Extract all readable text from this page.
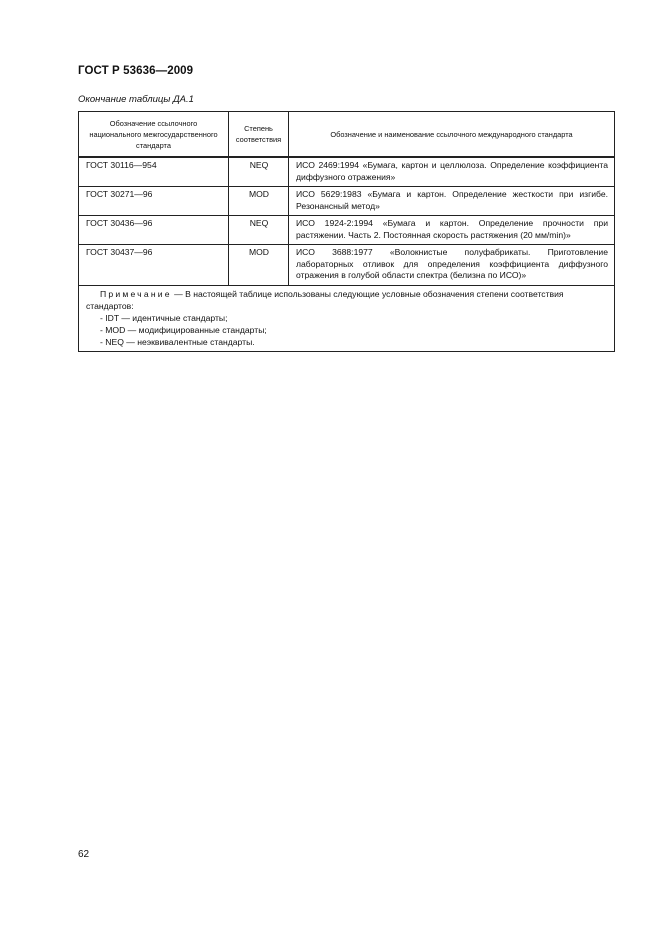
ГОСТ Р 53636—2009
Окончание таблицы ДА.1
Обозначение ссылочного национального межгосударственного стандарта	Степень соответствия	Обозначение и наименование ссылочного международного стандарта
ГОСТ 30116—954	NEQ	ИСО 2469:1994 «Бумага, картон и целлюлоза. Определение коэффициента диффузного отражения»
ГОСТ 30271—96	MOD	ИСО 5629:1983 «Бумага и картон. Определение жесткости при изгибе. Резонансный метод»
ГОСТ 30436—96	NEQ	ИСО 1924-2:1994 «Бумага и картон. Определение прочности при растяжении. Часть 2. Постоянная скорость растяжения (20 мм/min)»
ГОСТ 30437—96	MOD	ИСО 3688:1977 «Волокнистые полуфабрикаты. Приготовление лабораторных отливок для определения коэффициента диффузного отражения в голубой области спектра (белизна по ИСО)»

Примечание — В настоящей таблице использованы следующие условные обозначения степени соответствия стандартов:
- IDT — идентичные стандарты;
- MOD — модифицированные стандарты;
- NEQ — неэквивалентные стандарты.		
62
